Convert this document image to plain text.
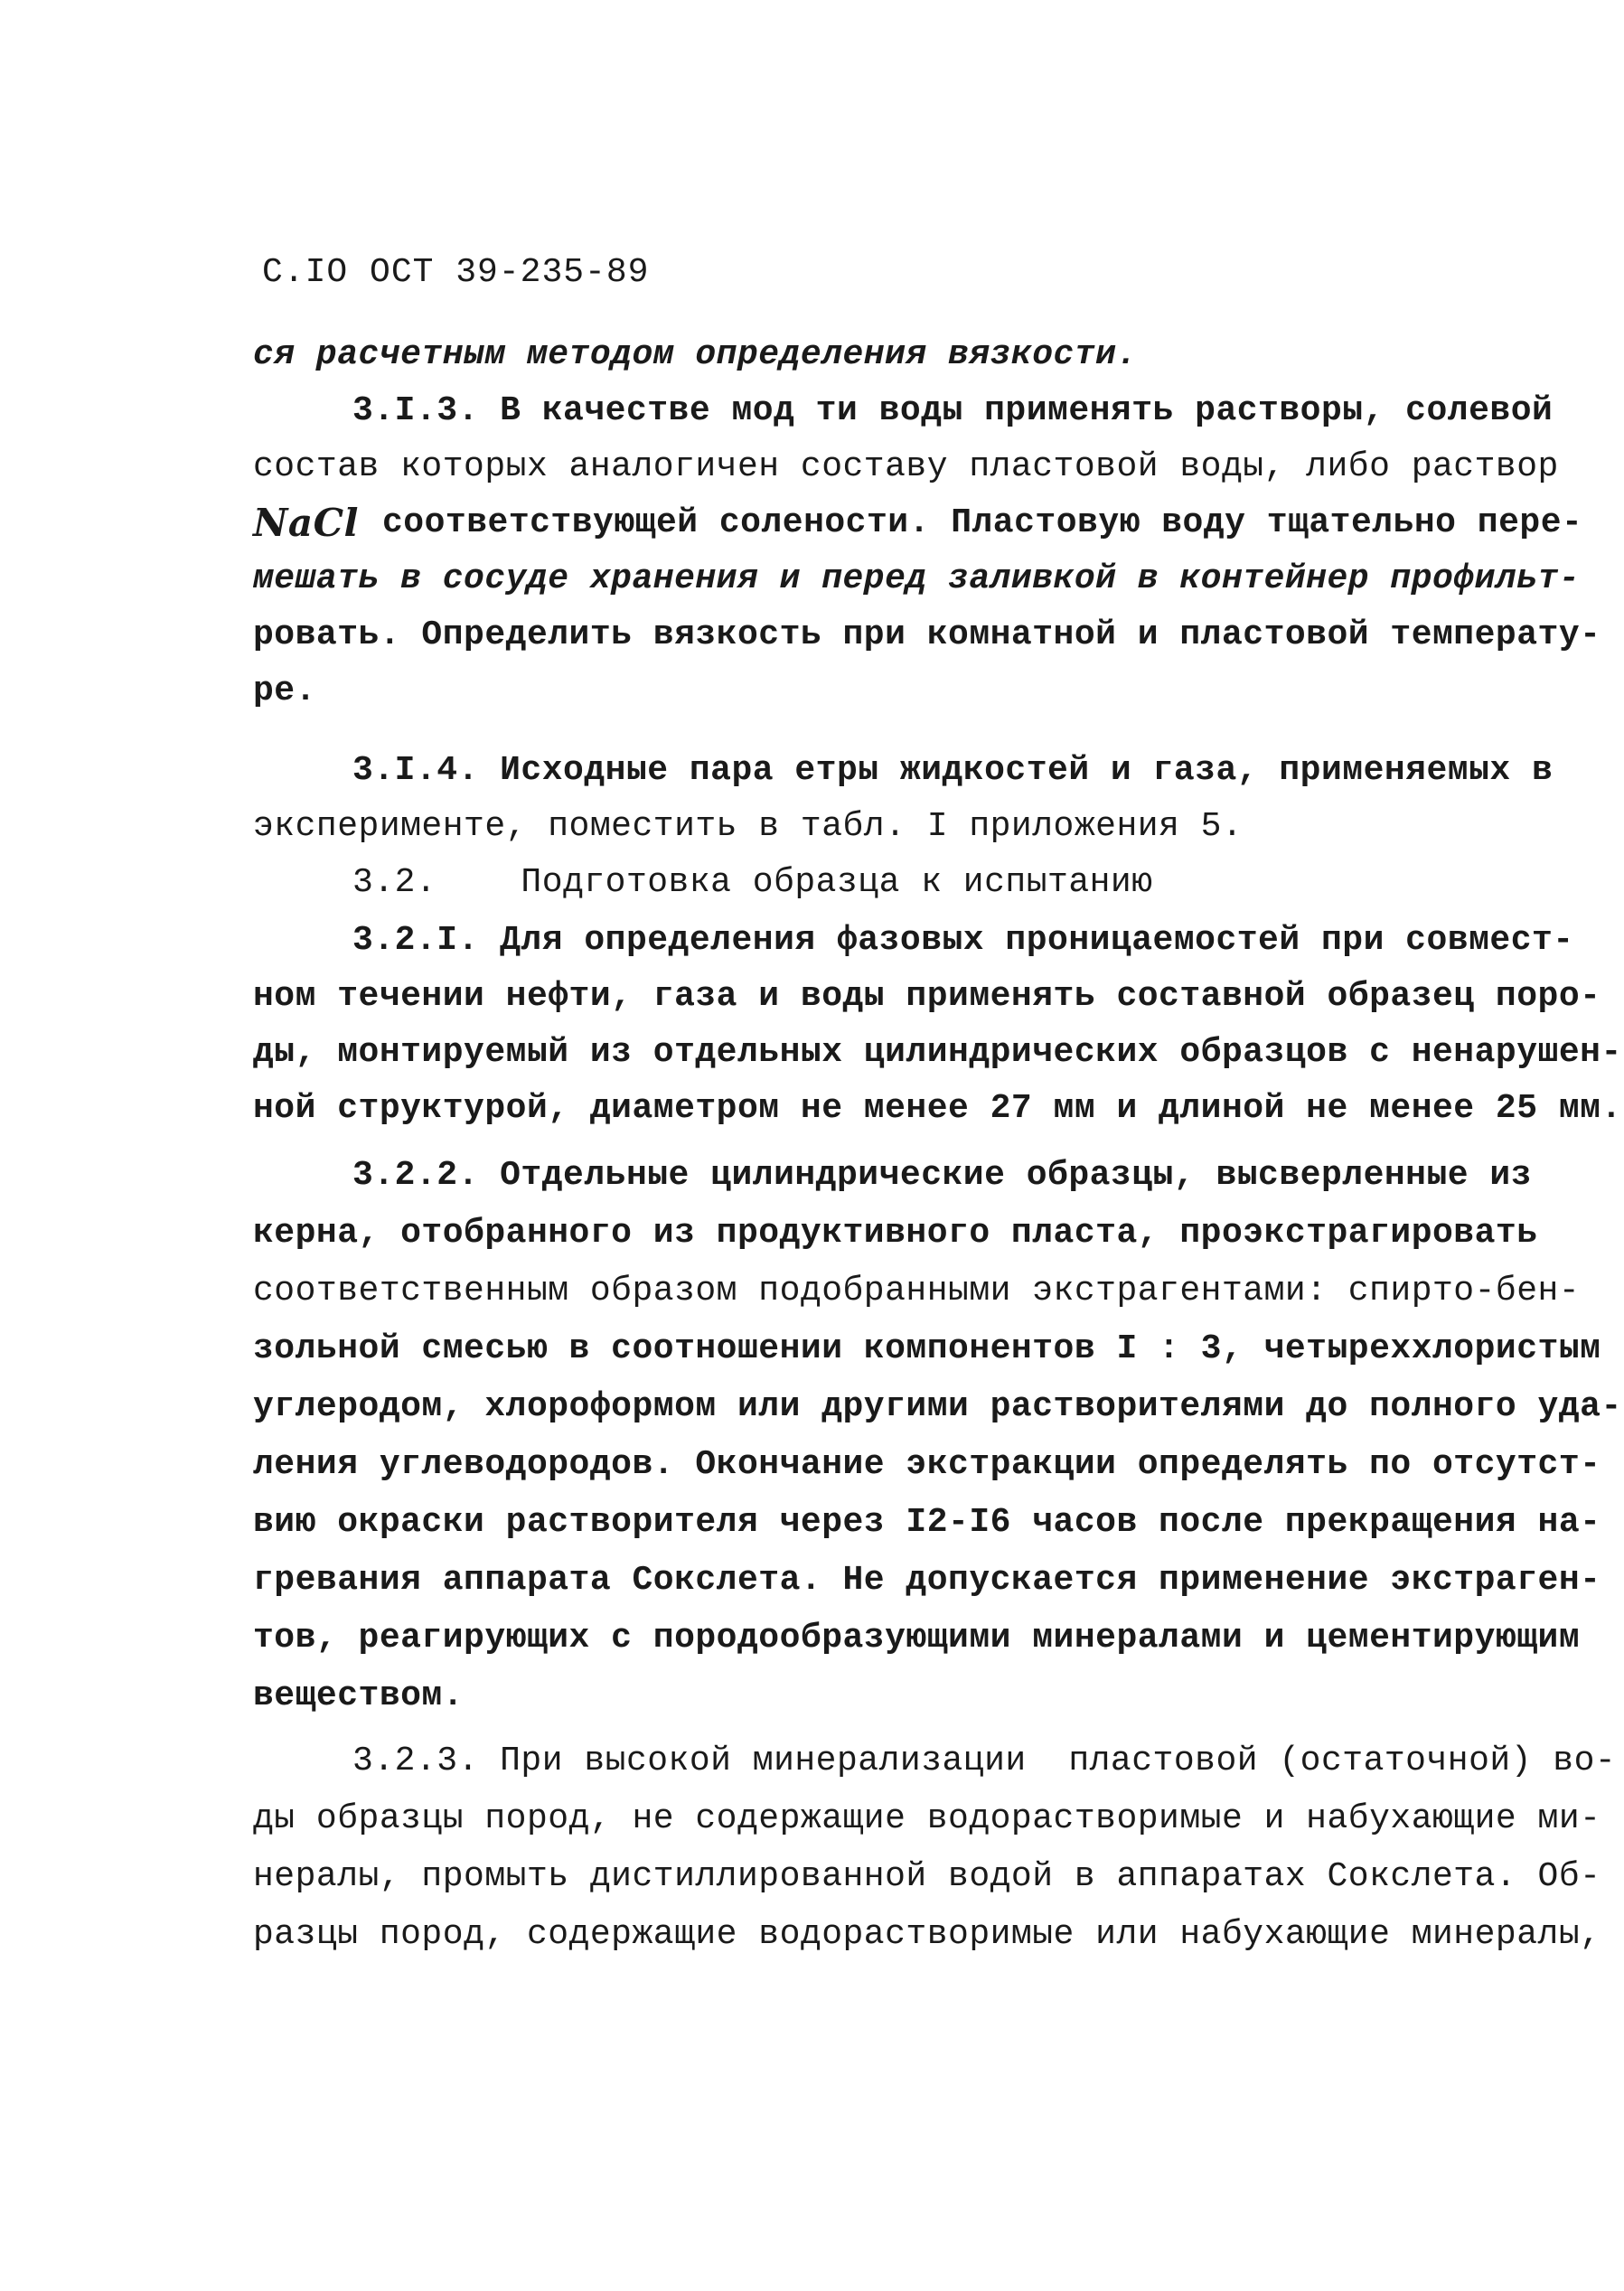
С.IO ОСТ 39-235-89
ся расчетным методом определения вязкости.
3.I.3. В качестве мод ти воды применять растворы, солевой
состав которых аналогичен составу пластовой воды, либо раствор
NaCl соответствующей солености. Пластовую воду тщательно пере-
мешать в сосуде хранения и перед заливкой в контейнер профильт-
ровать. Определить вязкость при комнатной и пластовой температу-
ре.
3.I.4. Исходные пара етры жидкостей и газа, применяемых в
эксперименте, поместить в табл. I приложения 5.
3.2.    Подготовка образца к испытанию
3.2.I. Для определения фазовых проницаемостей при совмест-
ном течении нефти, газа и воды применять составной образец поро-
ды, монтируемый из отдельных цилиндрических образцов с ненарушен-
ной структурой, диаметром не менее 27 мм и длиной не менее 25 мм.
3.2.2. Отдельные цилиндрические образцы, высверленные из
керна, отобранного из продуктивного пласта, проэкстрагировать
соответственным образом подобранными экстрагентами: спирто-бен-
зольной смесью в соотношении компонентов I : 3, четыреххлористым
углеродом, хлороформом или другими растворителями до полного уда-
ления углеводородов. Окончание экстракции определять по отсутст-
вию окраски растворителя через I2-I6 часов после прекращения на-
гревания аппарата Сокслета. Не допускается применение экстраген-
тов, реагирующих с породообразующими минералами и цементирующим
веществом.
3.2.3. При высокой минерализации  пластовой (остаточной) во-
ды образцы пород, не содержащие водорастворимые и набухающие ми-
нералы, промыть дистиллированной водой в аппаратах Сокслета. Об-
разцы пород, содержащие водорастворимые или набухающие минералы,
